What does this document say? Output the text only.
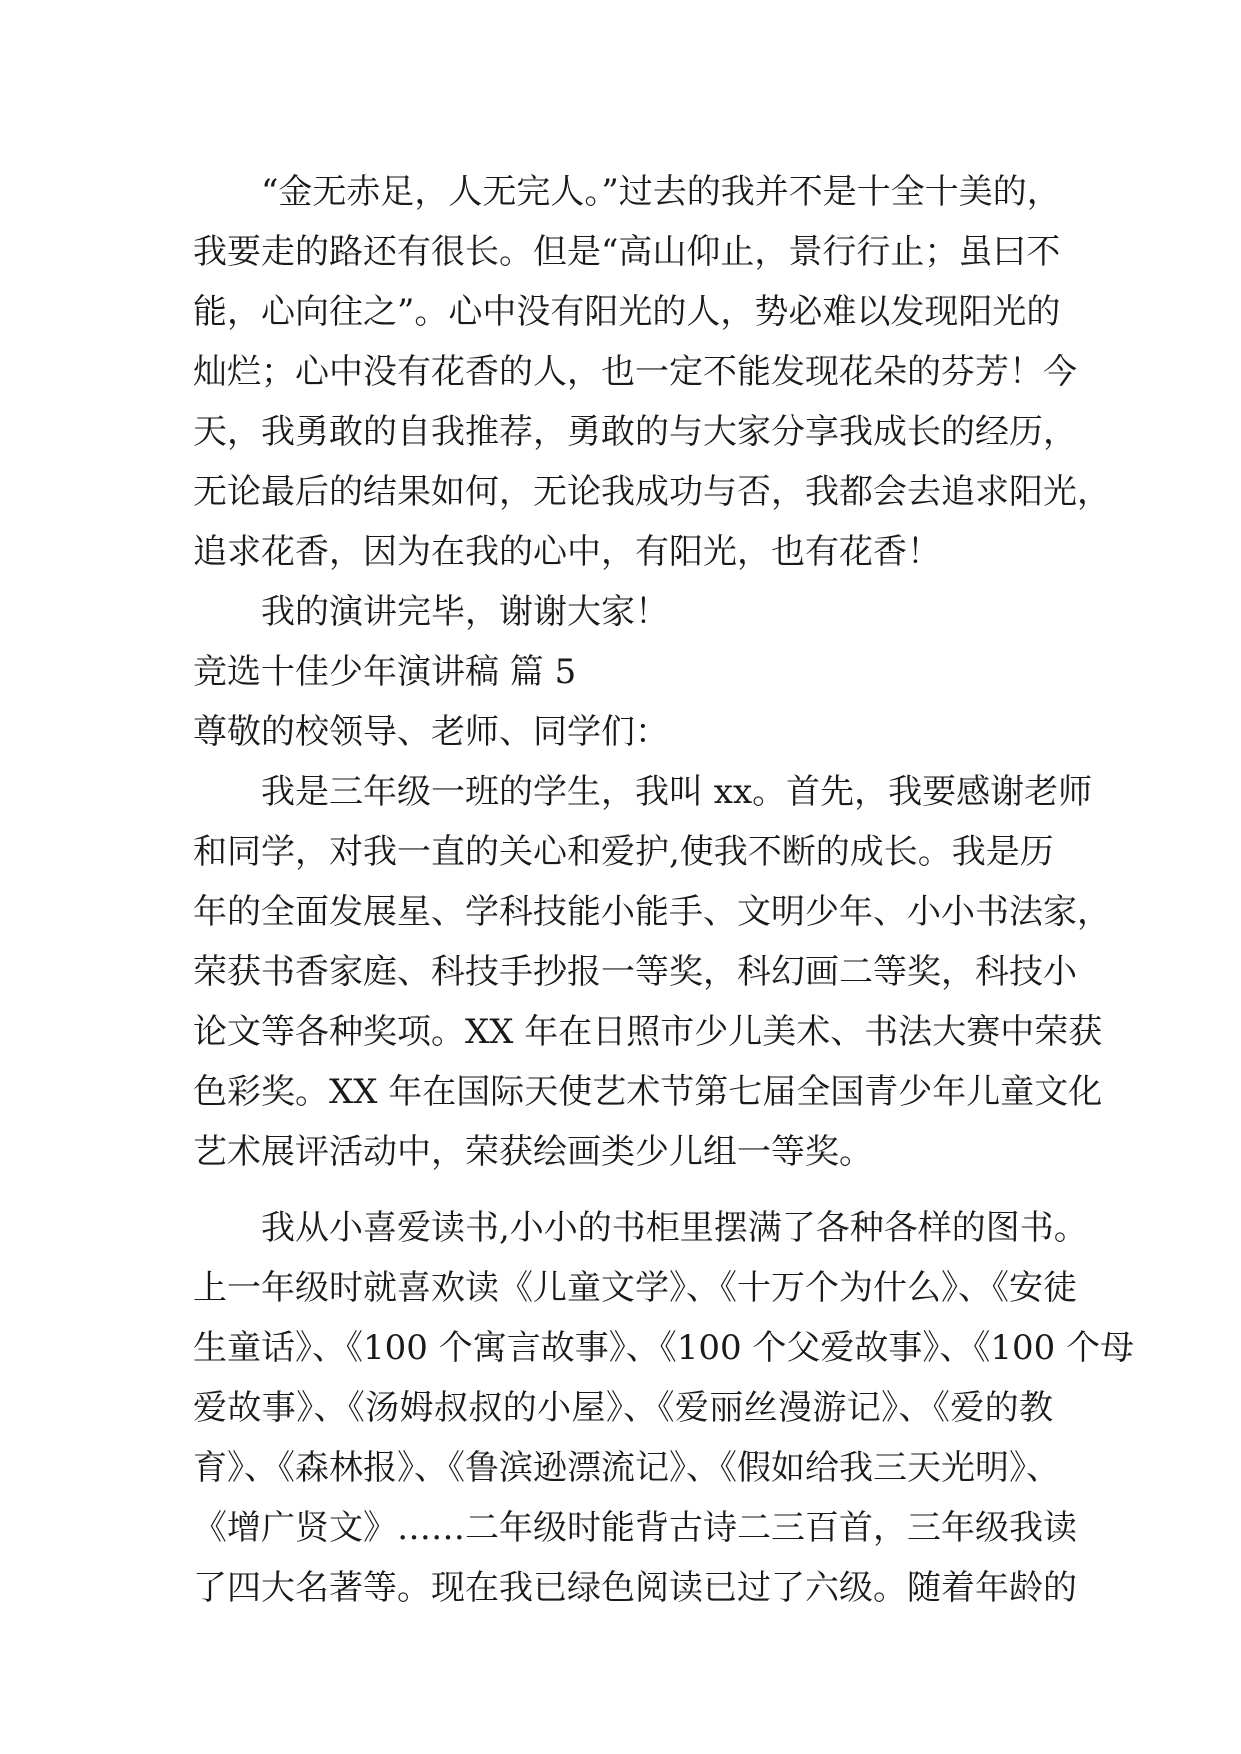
“金无赤足，人无完人。”过去的我并不是十全十美的，
我要走的路还有很长。但是“高山仰止，景行行止；虽曰不
能，心向往之”。心中没有阳光的人，势必难以发现阳光的
灿烂；心中没有花香的人，也一定不能发现花朵的芬芳！今
天，我勇敢的自我推荐，勇敢的与大家分享我成长的经历，
无论最后的结果如何，无论我成功与否，我都会去追求阳光，
追求花香，因为在我的心中，有阳光，也有花香！
我的演讲完毕，谢谢大家！
竞选十佳少年演讲稿 篇 5
尊敬的校领导、老师、同学们：
我是三年级一班的学生，我叫 xx。首先，我要感谢老师
和同学，对我一直的关心和爱护,使我不断的成长。我是历
年的全面发展星、学科技能小能手、文明少年、小小书法家，
荣获书香家庭、科技手抄报一等奖，科幻画二等奖，科技小
论文等各种奖项。XX 年在日照市少儿美术、书法大赛中荣获
色彩奖。XX 年在国际天使艺术节第七届全国青少年儿童文化
艺术展评活动中，荣获绘画类少儿组一等奖。
我从小喜爱读书,小小的书柜里摆满了各种各样的图书。
上一年级时就喜欢读《儿童文学》、《十万个为什么》、《安徒
生童话》、《100 个寓言故事》、《100 个父爱故事》、《100 个母
爱故事》、《汤姆叔叔的小屋》、《爱丽丝漫游记》、《爱的教
育》、《森林报》、《鲁滨逊漂流记》、《假如给我三天光明》、
《增广贤文》……二年级时能背古诗二三百首，三年级我读
了四大名著等。现在我已绿色阅读已过了六级。随着年龄的
